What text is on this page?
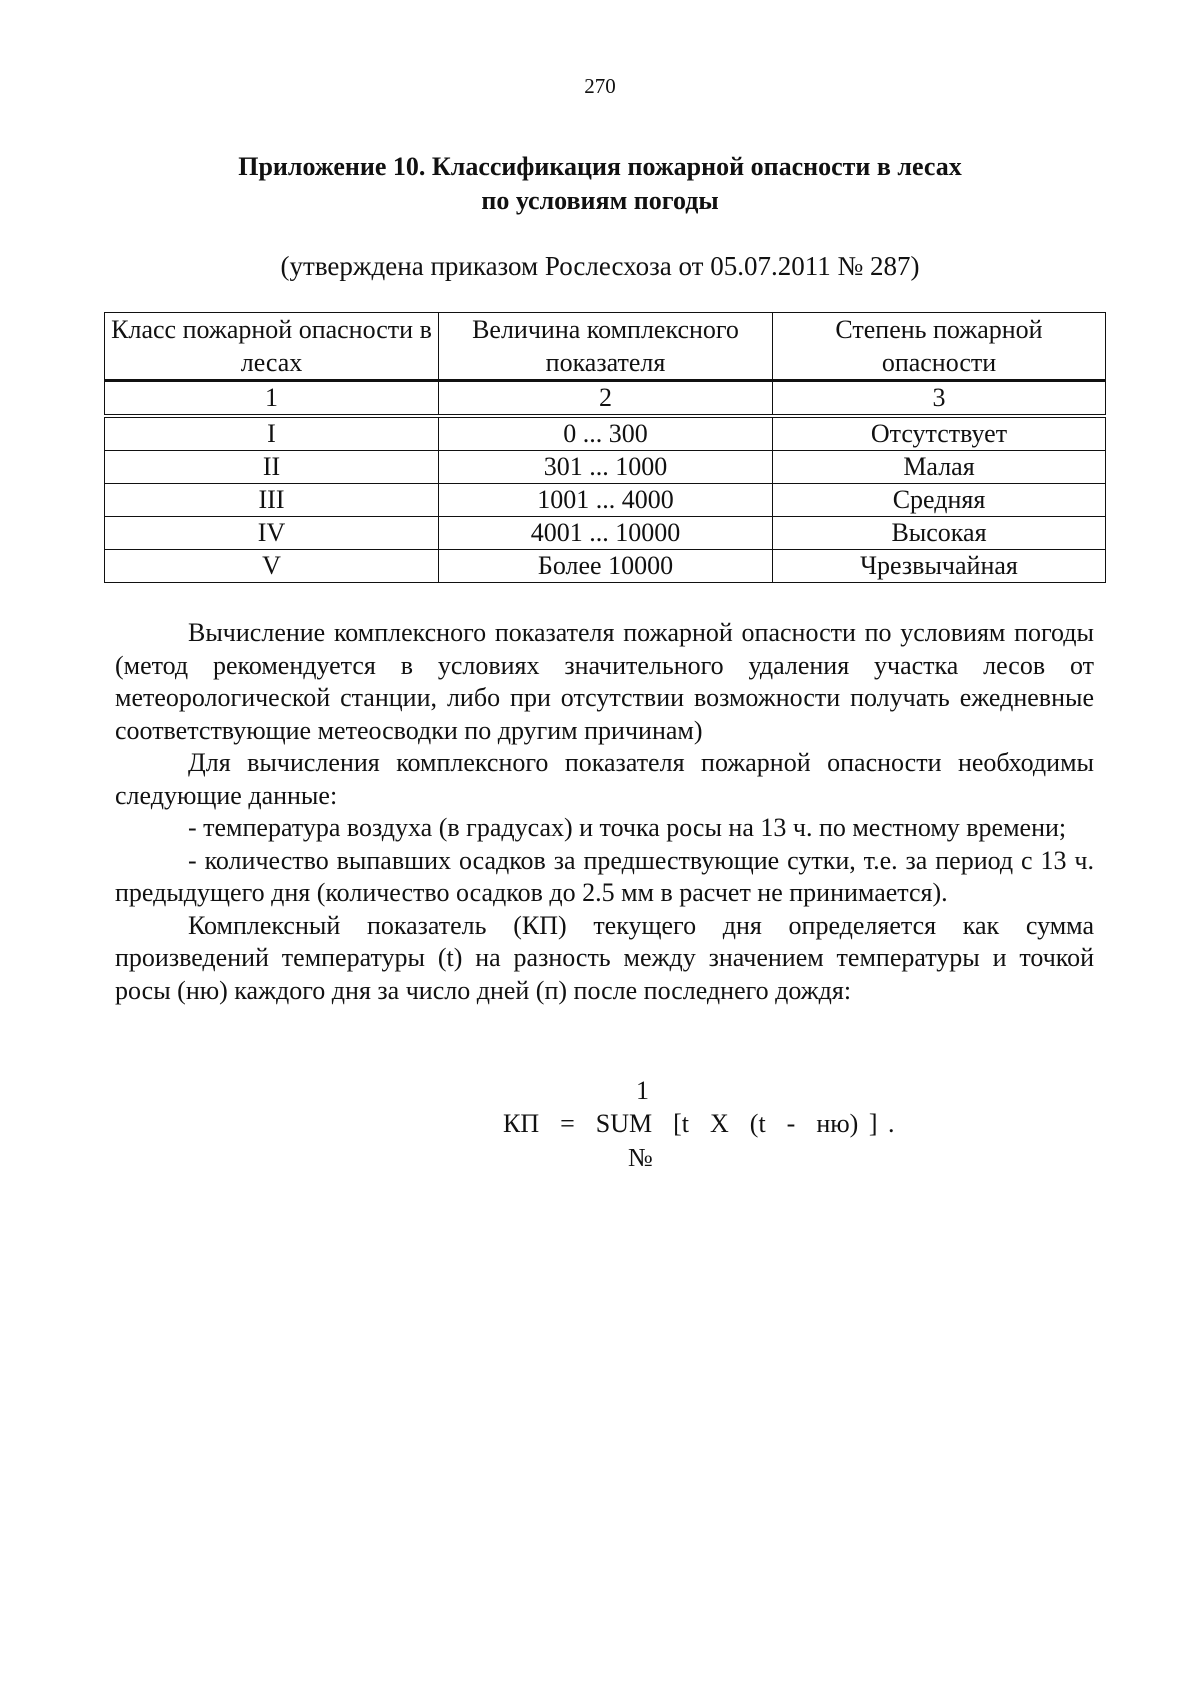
270
Приложение 10. Классификация пожарной опасности в лесах
по условиям погоды
(утверждена приказом Рослесхоза от 05.07.2011 № 287)
Класс пожарной опасности в лесах	Величина комплексного показателя	Степень пожарной опасности
1	2	3
I	0 ... 300	Отсутствует
II	301 ... 1000	Малая
III	1001 ... 4000	Средняя
IV	4001 ... 10000	Высокая
V	Более 10000	Чрезвычайная

Вычисление комплексного показателя пожарной опасности по условиям погоды (метод рекомендуется в условиях значительного удаления участка лесов от метеорологической станции, либо при отсутствии возможности получать ежедневные соответствующие метеосводки по другим причинам)

Для вычисления комплексного показателя пожарной опасности необходимы следующие данные:

- температура воздуха (в градусах) и точка росы на 13 ч. по местному времени;

- количество выпавших осадков за предшествующие сутки, т.е. за период с 13 ч. предыдущего дня (количество осадков до 2.5 мм в расчет не принимается).

Комплексный показатель (КП) текущего дня определяется как сумма произведений температуры (t) на разность между значением температуры и точкой росы (ню) каждого дня за число дней (п) после последнего дождя:

1
КП  =  SUM  [t  X  (t  -  ню) ] .
№
